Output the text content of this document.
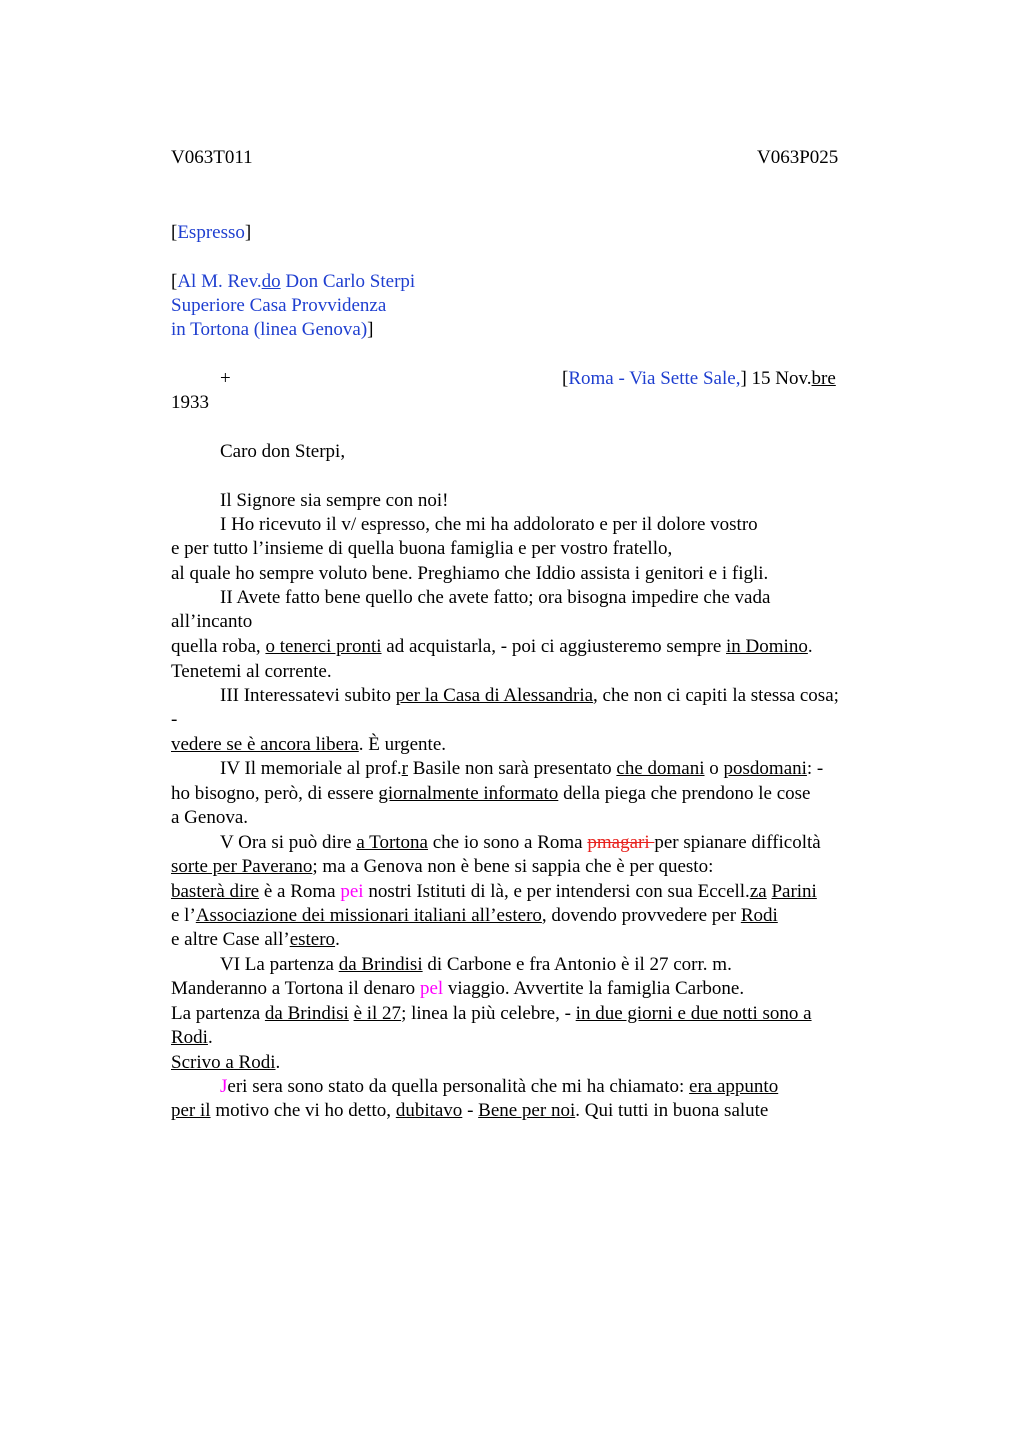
V063T011	V063P025
[Espresso]
[Al M. Rev.do Don Carlo Sterpi
Superiore Casa Provvidenza
in Tortona (linea Genova)]
+	[Roma - Via Sette Sale,] 15 Nov.bre
1933
Caro don Sterpi,
Il Signore sia sempre con noi!
I Ho ricevuto il v/ espresso, che mi ha addolorato e per il dolore vostro
e per tutto l’insieme di quella buona famiglia e per vostro fratello,
al quale ho sempre voluto bene. Preghiamo che Iddio assista i genitori e i figli.
II Avete fatto bene quello che avete fatto; ora bisogna impedire che vada
all’incanto
quella roba, o tenerci pronti ad acquistarla, - poi ci aggiusteremo sempre in Domino.
Tenetemi al corrente.
III Interessatevi subito per la Casa di Alessandria, che non ci capiti la stessa cosa;
-
vedere se è ancora libera. È urgente.
IV Il memoriale al prof.r Basile non sarà presentato che domani o posdomani: -
ho bisogno, però, di essere giornalmente informato della piega che prendono le cose
a Genova.
V Ora si può dire a Tortona che io sono a Roma pmagari per spianare difficoltà
sorte per Paverano; ma a Genova non è bene si sappia che è per questo:
basterà dire è a Roma pei nostri Istituti di là, e per intendersi con sua Eccell.za Parini
e l’Associazione dei missionari italiani all’estero, dovendo provvedere per Rodi
e altre Case all’estero.
VI La partenza da Brindisi di Carbone e fra Antonio è il 27 corr. m.
Manderanno a Tortona il denaro pel viaggio. Avvertite la famiglia Carbone.
La partenza da Brindisi è il 27; linea la più celebre, - in due giorni e due notti sono a
Rodi.
Scrivo a Rodi.
Jeri sera sono stato da quella personalità che mi ha chiamato: era appunto
per il motivo che vi ho detto, dubitavo - Bene per noi. Qui tutti in buona salute
